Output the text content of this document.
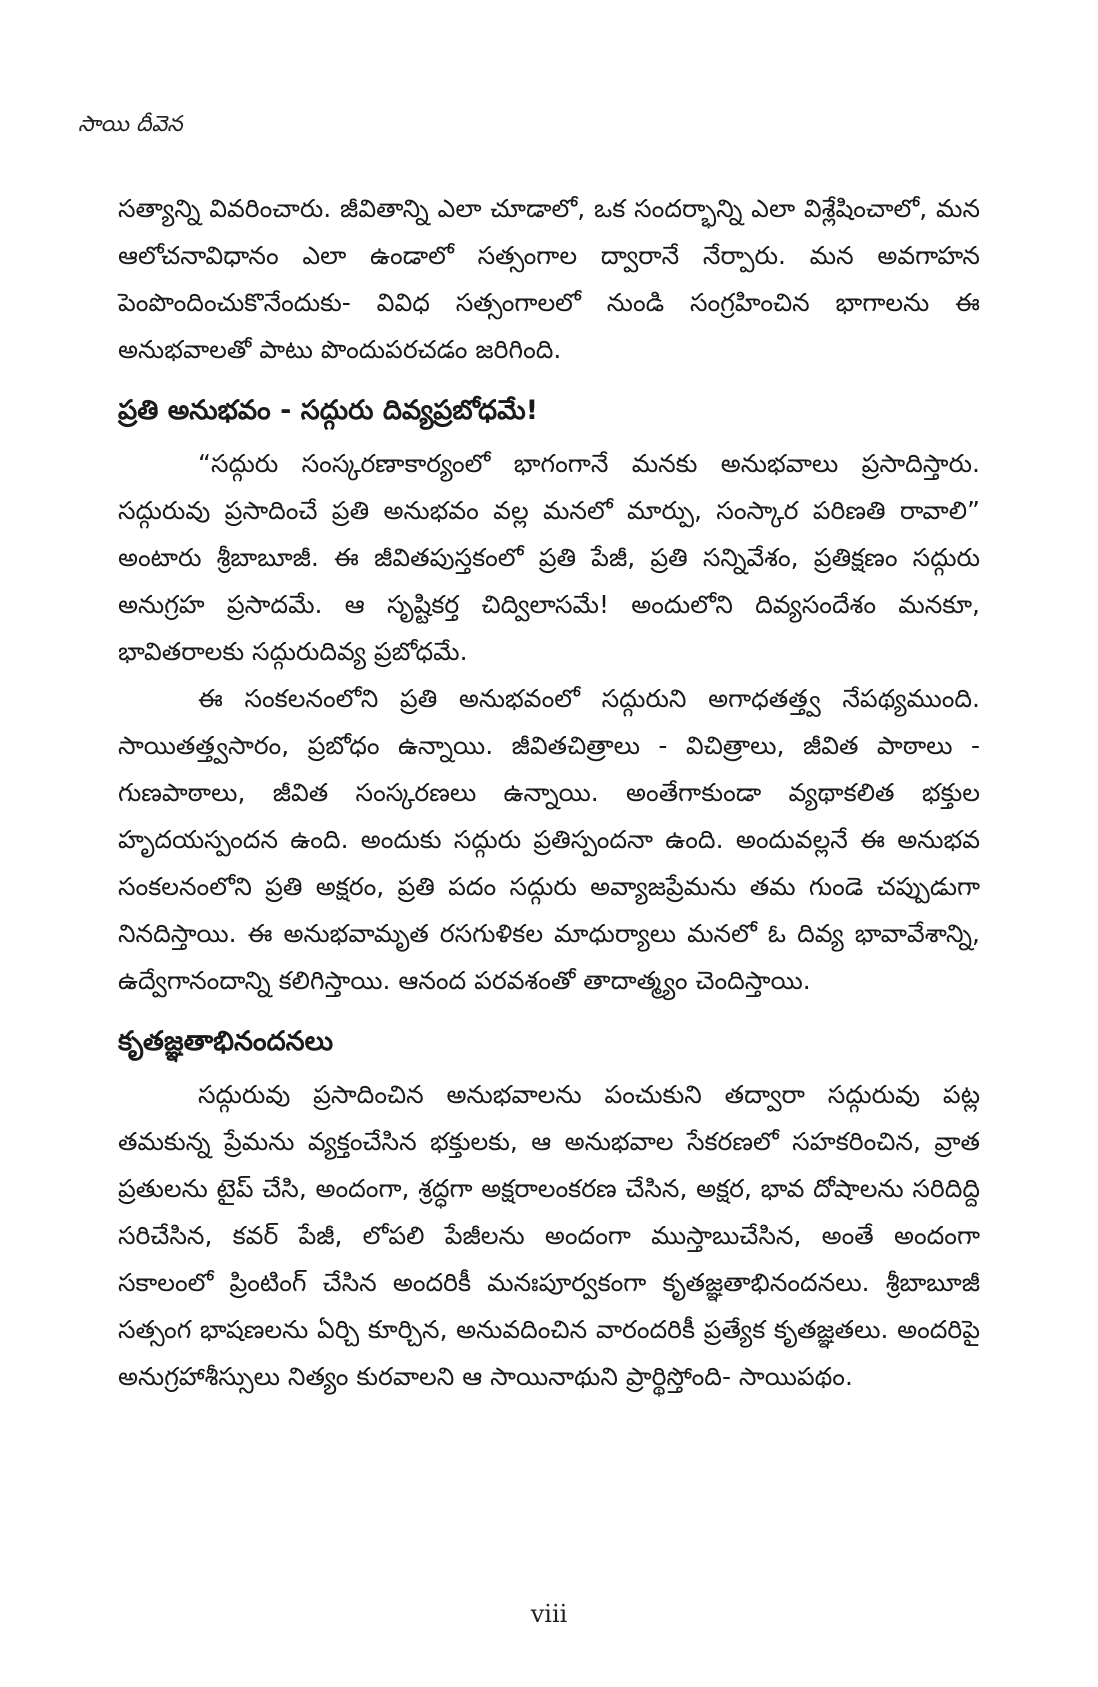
సాయి దీవెన

సత్యాన్ని వివరించారు. జీవితాన్ని ఎలా చూడాలో, ఒక సందర్భాన్ని ఎలా విశ్లేషించాలో, మన ఆలోచనావిధానం ఎలా ఉండాలో సత్సంగాల ద్వారానే నేర్పారు. మన అవగాహన పెంపొందించుకొనేందుకు- వివిధ సత్సంగాలలో నుండి సంగ్రహించిన భాగాలను ఈ అనుభవాలతో పాటు పొందుపరచడం జరిగింది.

ప్రతి అనుభవం - సద్గురు దివ్యప్రబోధమే!

“సద్గురు సంస్కరణాకార్యంలో భాగంగానే మనకు అనుభవాలు ప్రసాదిస్తారు. సద్గురువు ప్రసాదించే ప్రతి అనుభవం వల్ల మనలో మార్పు, సంస్కార పరిణతి రావాలి” అంటారు శ్రీబాబూజీ. ఈ జీవితపుస్తకంలో ప్రతి పేజీ, ప్రతి సన్నివేశం, ప్రతిక్షణం సద్గురు అనుగ్రహ ప్రసాదమే. ఆ సృష్టికర్త చిద్విలాసమే! అందులోని దివ్యసందేశం మనకూ, భావితరాలకు సద్గురుదివ్య ప్రబోధమే.

ఈ సంకలనంలోని ప్రతి అనుభవంలో సద్గురుని అగాధతత్త్వ నేపథ్యముంది. సాయితత్త్వసారం, ప్రబోధం ఉన్నాయి. జీవితచిత్రాలు - విచిత్రాలు, జీవిత పాఠాలు - గుణపాఠాలు, జీవిత సంస్కరణలు ఉన్నాయి. అంతేగాకుండా వ్యథాకలిత భక్తుల హృదయస్పందన ఉంది. అందుకు సద్గురు ప్రతిస్పందనా ఉంది. అందువల్లనే ఈ అనుభవ సంకలనంలోని ప్రతి అక్షరం, ప్రతి పదం సద్గురు అవ్యాజప్రేమను తమ గుండె చప్పుడుగా నినదిస్తాయి. ఈ అనుభవామృత రసగుళికల మాధుర్యాలు మనలో ఓ దివ్య భావావేశాన్ని, ఉద్వేగానందాన్ని కలిగిస్తాయి. ఆనంద పరవశంతో తాదాత్మ్యం చెందిస్తాయి.

కృతజ్ఞతాభినందనలు

సద్గురువు ప్రసాదించిన అనుభవాలను పంచుకుని తద్వారా సద్గురువు పట్ల తమకున్న ప్రేమను వ్యక్తంచేసిన భక్తులకు, ఆ అనుభవాల సేకరణలో సహకరించిన, వ్రాత ప్రతులను టైప్ చేసి, అందంగా, శ్రద్ధగా అక్షరాలంకరణ చేసిన, అక్షర, భావ దోషాలను సరిదిద్ది సరిచేసిన, కవర్ పేజీ, లోపలి పేజీలను అందంగా ముస్తాబుచేసిన, అంతే అందంగా సకాలంలో ప్రింటింగ్ చేసిన అందరికీ మనఃపూర్వకంగా కృతజ్ఞతాభినందనలు. శ్రీబాబూజీ సత్సంగ భాషణలను ఏర్చి కూర్చిన, అనువదించిన వారందరికీ ప్రత్యేక కృతజ్ఞతలు. అందరిపై అనుగ్రహాశీస్సులు నిత్యం కురవాలని ఆ సాయినాథుని ప్రార్థిస్తోంది- సాయిపథం.

viii
